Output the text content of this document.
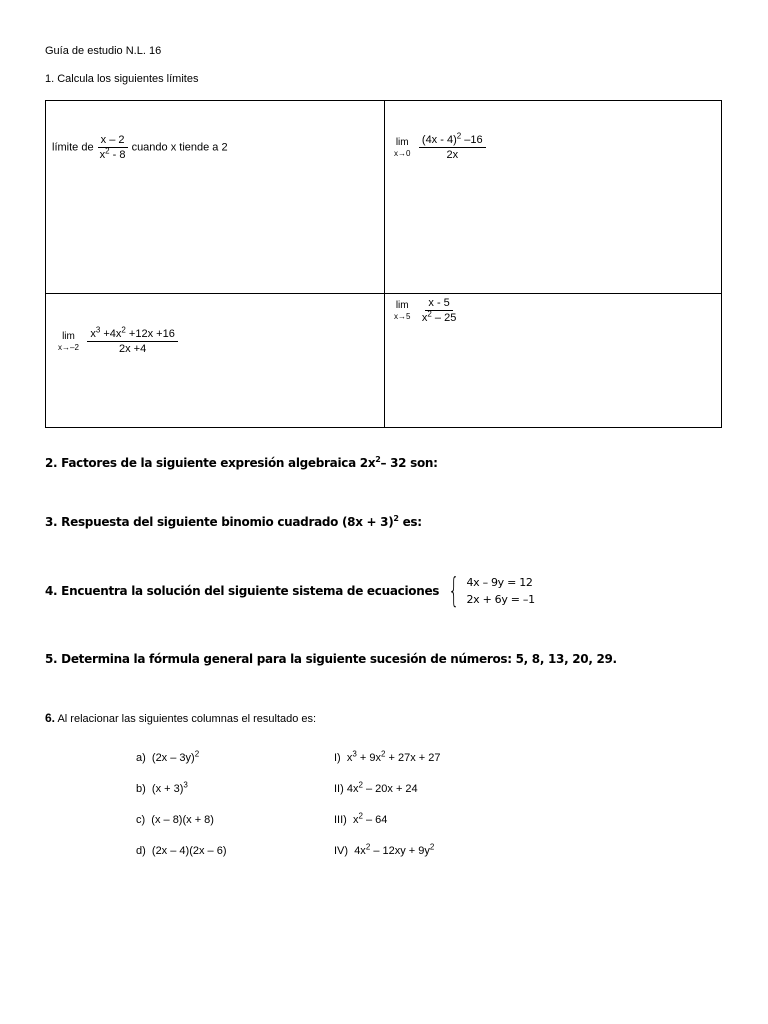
Guía de estudio N.L. 16
1. Calcula los siguientes límites
límite de $\frac{x - 2}{x^2 - 8}$ cuando x tiende a 2	lim
x→0
$\frac{(4x - 4)^2 -16}{2x}$
lim
x→–2
$\frac{x^3 +4x^2 +12x +16}{2x +4}$
lim
x→5
$\frac{x - 5}{x^2 - 25}$
2. Factores de la siguiente expresión algebraica $2x^2-$ 32 son:
3. Respuesta del siguiente binomio cuadrado $(8x + 3)^2$ es:
4. Encuentra la solución del siguiente sistema de ecuaciones { 4x – 9y = 12
2x + 6y = –1
5. Determina la fórmula general para la siguiente sucesión de números: 5, 8, 13, 20, 29.
6. Al relacionar las siguientes columnas el resultado es:
a) (2x – 3y)$^2$
b) $(x + 3)^3$
c) (x – 8)(x + 8)
d) (2x – 4)(2x – 6)
I) $x^3 + 9x^2 + 27x + 27$
II) $4x^2 - 20x + 24$
III) $x^2 - 64$
IV) $4x^2 - 12xy + 9y^2$
